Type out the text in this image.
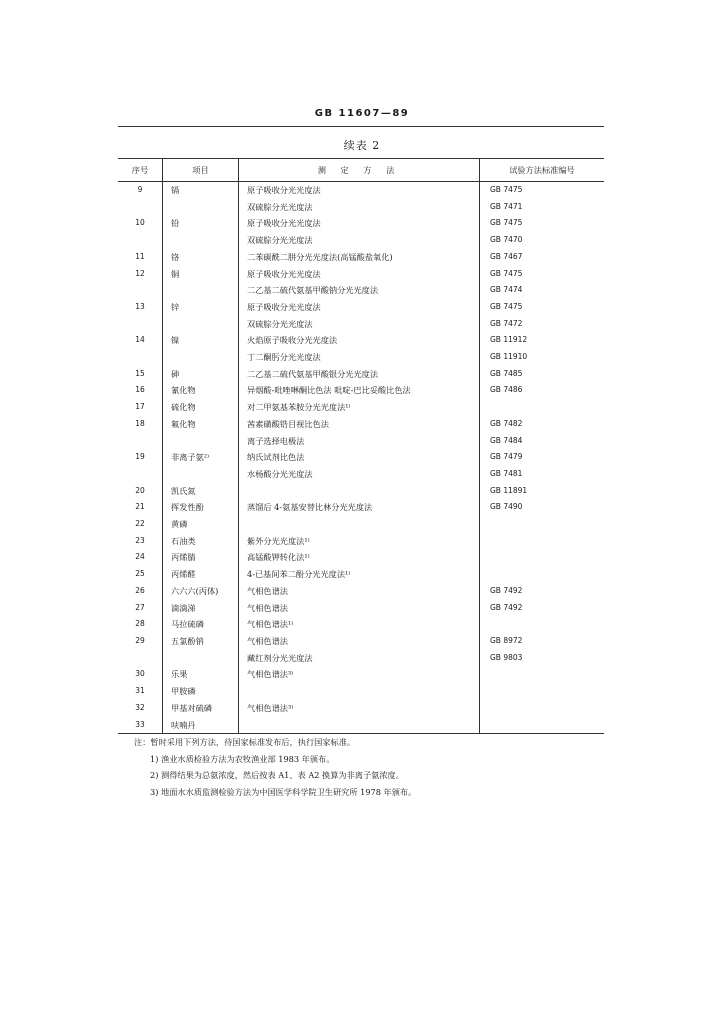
GB 11607—89
续表 2
序号	项目	测 定 方 法	试验方法标准编号
9	镉	原子吸收分光光度法	GB 7475
		双硫腙分光光度法	GB 7471
10	铅	原子吸收分光光度法	GB 7475
		双硫腙分光光度法	GB 7470
11	铬	二苯碳酰二肼分光光度法(高锰酸盐氧化)	GB 7467
12	铜	原子吸收分光光度法	GB 7475
		二乙基二硫代氨基甲酸钠分光光度法	GB 7474
13	锌	原子吸收分光光度法	GB 7475
		双硫腙分光光度法	GB 7472
14	镍	火焰原子吸收分光光度法	GB 11912
		丁二酮肟分光光度法	GB 11910
15	砷	二乙基二硫代氨基甲酸银分光光度法	GB 7485
16	氰化物	异烟酸-吡唑啉酮比色法 吡啶-巴比妥酸比色法	GB 7486
17	硫化物	对二甲氨基苯胺分光光度法¹⁾	
18	氟化物	茜素磺酸锆目视比色法	GB 7482
		离子选择电极法	GB 7484
19	非离子氨²⁾	纳氏试剂比色法	GB 7479
		水杨酸分光光度法	GB 7481
20	凯氏氮		GB 11891
21	挥发性酚	蒸馏后 4-氨基安替比林分光光度法	GB 7490
22	黄磷		
23	石油类	紫外分光光度法¹⁾	
24	丙烯腈	高锰酸钾转化法¹⁾	
25	丙烯醛	4-已基间苯二酚分光光度法¹⁾	
26	六六六(丙体)	气相色谱法	GB 7492
27	滴滴涕	气相色谱法	GB 7492
28	马拉硫磷	气相色谱法¹⁾	
29	五氯酚钠	气相色谱法	GB 8972
		藏红剂分光光度法	GB 9803
30	乐果	气相色谱法³⁾	
31	甲胺磷		
32	甲基对硫磷	气相色谱法³⁾	
33	呋喃丹		
注：暂时采用下列方法，待国家标准发布后，执行国家标准。
1) 渔业水质检验方法为农牧渔业部 1983 年颁布。
2) 测得结果为总氨浓度，然后按表 A1、表 A2 换算为非离子氨浓度。
3) 地面水水质监测检验方法为中国医学科学院卫生研究所 1978 年颁布。
